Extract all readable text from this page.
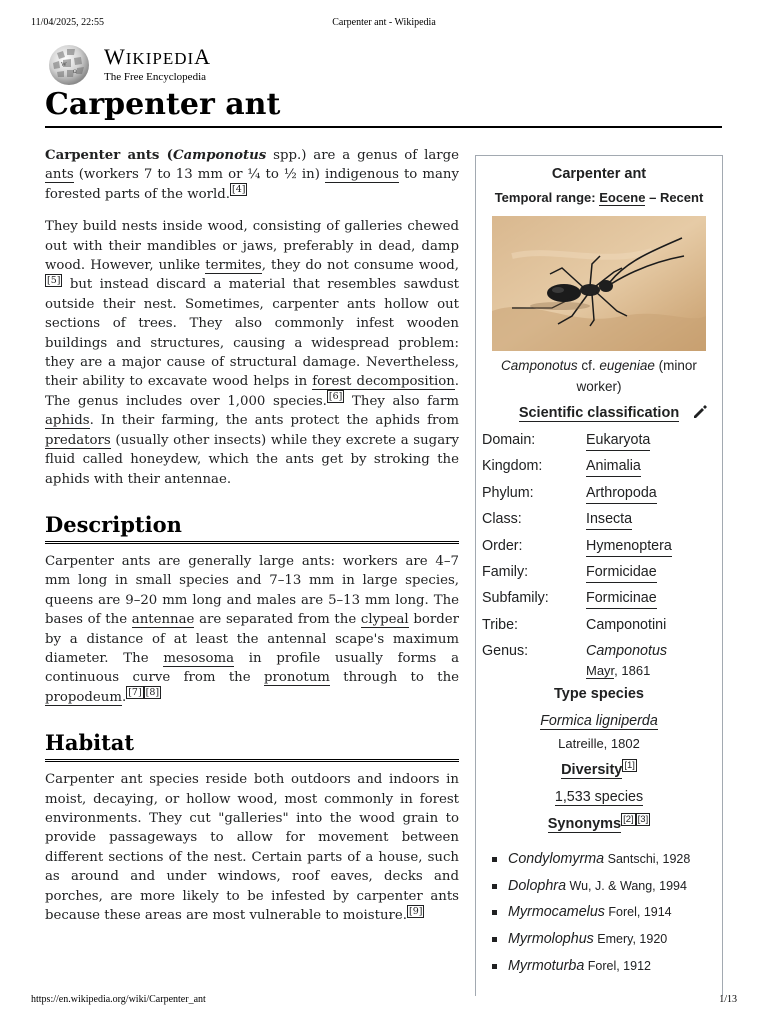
11/04/2025, 22:55	Carpenter ant - Wikipedia
W
Ω
WIKIPEDIA
The Free Encyclopedia
Carpenter ant

Carpenter ants (Camponotus spp.) are a genus of large ants (workers 7 to 13 mm or ¼ to ½ in) indigenous to many forested parts of the world. [4]

They build nests inside wood, consisting of galleries chewed out with their mandibles or jaws, preferably in dead, damp wood. However, unlike termites, they do not consume wood,[5] but instead discard a material that resembles sawdust outside their nest. Sometimes, carpenter ants hollow out sections of trees. They also commonly infest wooden buildings and structures, causing a widespread problem: they are a major cause of structural damage. Nevertheless, their ability to excavate wood helps in forest decomposition. The genus includes over 1,000 species. [6] They also farm aphids. In their farming, the ants protect the aphids from predators (usually other insects) while they excrete a sugary fluid called honeydew, which the ants get by stroking the aphids with their antennae.

Description

Carpenter ants are generally large ants: workers are 4–7 mm long in small species and 7–13 mm in large species, queens are 9–20 mm long and males are 5–13 mm long. The bases of the antennae are separated from the clypeal border by a distance of at least the antennal scape's maximum diameter. The mesosoma in profile usually forms a continuous curve from the pronotum through to the propodeum. [7] [8]

Habitat

Carpenter ant species reside both outdoors and indoors in moist, decaying, or hollow wood, most commonly in forest environments. They cut "galleries" into the wood grain to provide passageways to allow for movement between different sections of the nest. Certain parts of a house, such as around and under windows, roof eaves, decks and porches, are more likely to be infested by carpenter ants because these areas are most vulnerable to moisture. [9]

Carpenter ant
Temporal range: Eocene – Recent
Camponotus cf. eugeniae (minor worker)
Scientific classification
Domain:	Eukaryota
Kingdom:	Animalia
Phylum:	Arthropoda
Class:	Insecta
Order:	Hymenoptera
Family:	Formicidae
Subfamily:	Formicinae
Tribe:	Camponotini
Genus:	Camponotus
Mayr, 1861
Type species
Formica ligniperda
Latreille, 1802
Diversity [1]
1,533 species
Synonyms [2] [3]
Condylomyrma Santschi, 1928
Dolophra Wu, J. & Wang, 1994
Myrmocamelus Forel, 1914
Myrmolophus Emery, 1920
Myrmoturba Forel, 1912
https://en.wikipedia.org/wiki/Carpenter_ant	1/13
